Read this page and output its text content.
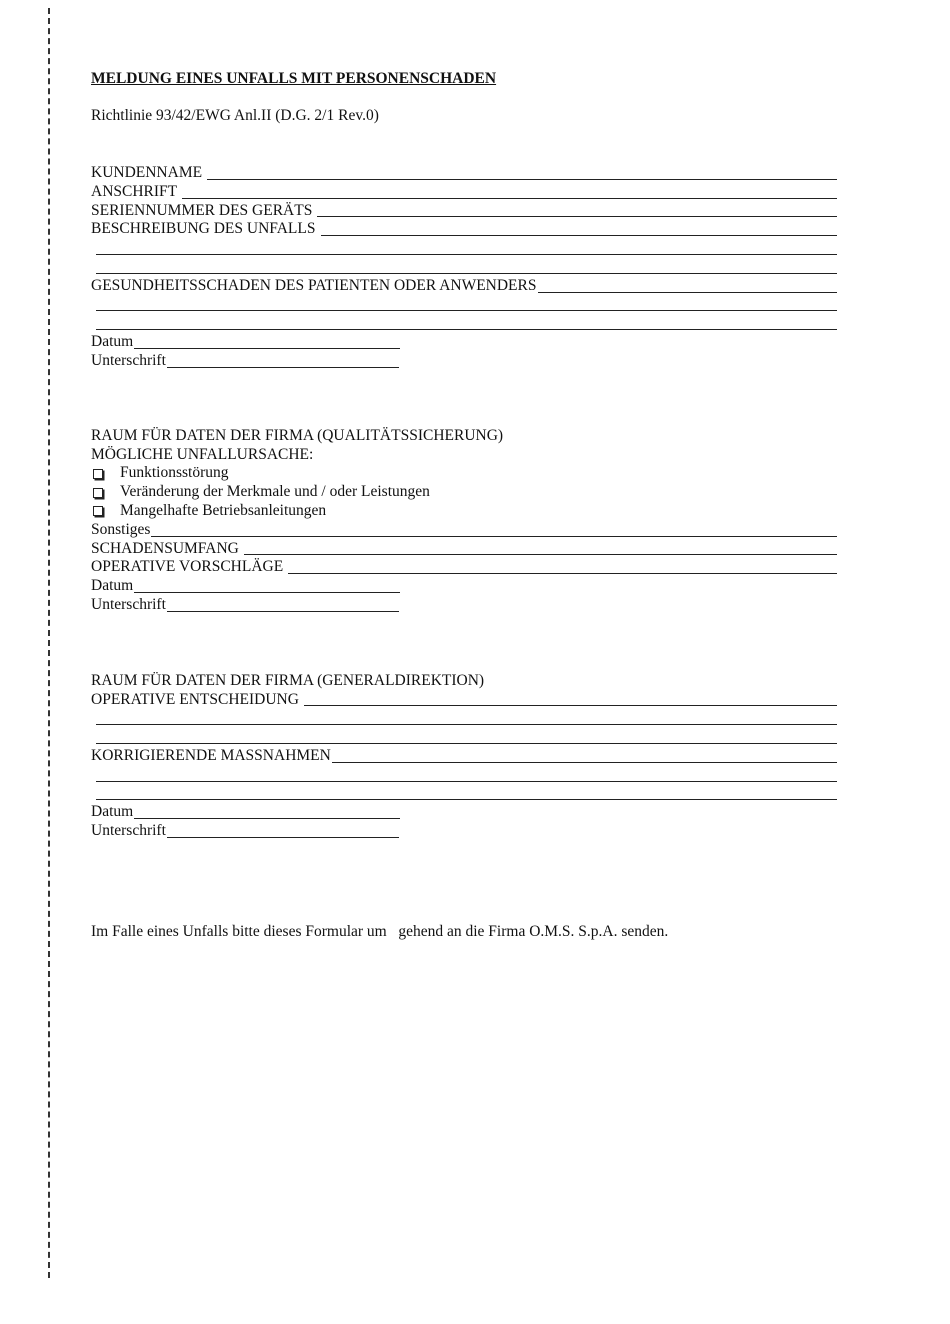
MELDUNG EINES UNFALLS MIT PERSONENSCHADEN
Richtlinie 93/42/EWG Anl.II (D.G. 2/1 Rev.0)
KUNDENNAME
ANSCHRIFT
SERIENNUMMER DES GERÄTS
BESCHREIBUNG DES UNFALLS
GESUNDHEITSSCHADEN DES PATIENTEN ODER ANWENDERS
Datum
Unterschrift
RAUM FÜR DATEN DER FIRMA (QUALITÄTSSICHERUNG)
MÖGLICHE UNFALLURSACHE:
Funktionsstörung
Veränderung der Merkmale und / oder Leistungen
Mangelhafte Betriebsanleitungen
Sonstiges
SCHADENSUMFANG
OPERATIVE VORSCHLÄGE
Datum
Unterschrift
RAUM FÜR DATEN DER FIRMA (GENERALDIREKTION)
OPERATIVE ENTSCHEIDUNG
KORRIGIERENDE MASSNAHMEN
Datum
Unterschrift
Im Falle eines Unfalls bitte dieses Formular um   gehend an die Firma O.M.S. S.p.A. senden.
